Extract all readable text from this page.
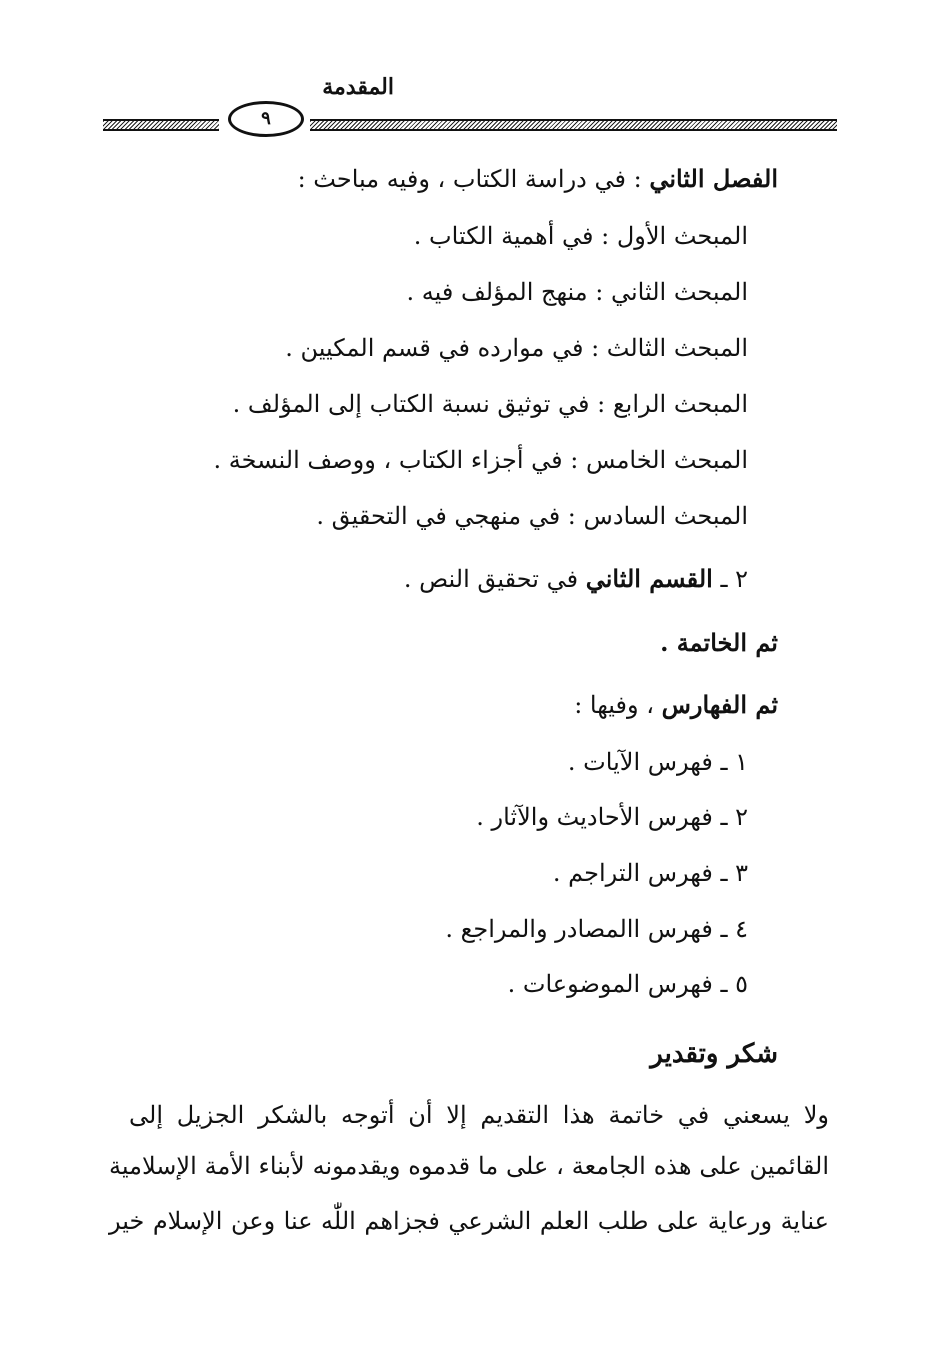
المقدمة
٩
الفصل الثاني : في دراسة الكتاب ، وفيه مباحث :
المبحث الأول : في أهمية الكتاب .
المبحث الثاني : منهج المؤلف فيه .
المبحث الثالث : في موارده في قسم المكيين .
المبحث الرابع : في توثيق نسبة الكتاب إلى المؤلف .
المبحث الخامس : في أجزاء الكتاب ، ووصف النسخة .
المبحث السادس : في منهجي في التحقيق .
٢ ـ القسم الثاني في تحقيق النص .
ثم الخاتمة .
ثم الفهارس ، وفيها :
١ ـ فهرس الآيات .
٢ ـ فهرس الأحاديث والآثار .
٣ ـ فهرس التراجم .
٤ ـ فهرس االمصادر والمراجع .
٥ ـ فهرس الموضوعات .
شكر وتقدير
ولا يسعني في خاتمة هذا التقديم إلا أن أتوجه بالشكر الجزيل إلى
القائمين على هذه الجامعة ، على ما قدموه ويقدمونه لأبناء الأمة الإسلامية
عناية ورعاية على طلب العلم الشرعي فجزاهم اللّٰه عنا وعن الإسلام خير
